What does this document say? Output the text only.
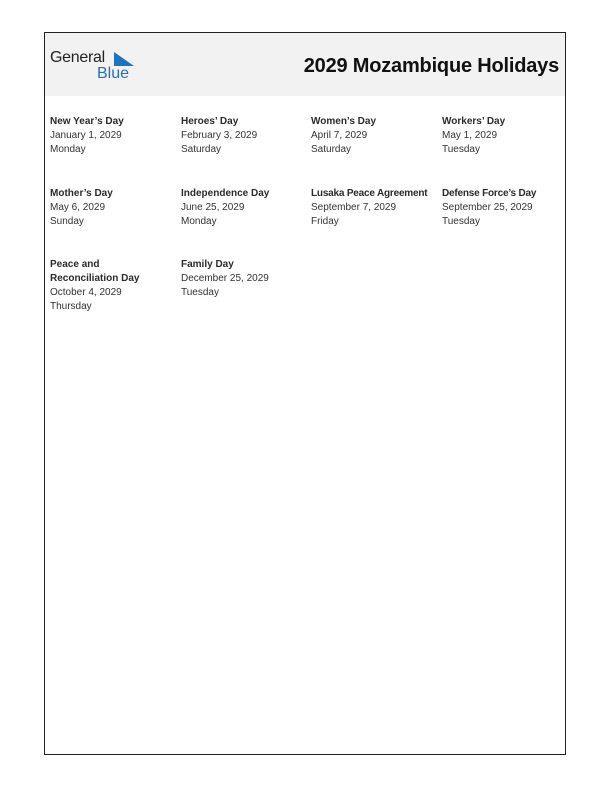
General
Blue	2029 Mozambique Holidays
New Year’s Day
January 1, 2029
Monday
Heroes’ Day
February 3, 2029
Saturday
Women’s Day
April 7, 2029
Saturday
Workers’ Day
May 1, 2029
Tuesday
Mother’s Day
May 6, 2029
Sunday
Independence Day
June 25, 2029
Monday
Lusaka Peace Agreement
September 7, 2029
Friday
Defense Force’s Day
September 25, 2029
Tuesday
Peace and Reconciliation Day
October 4, 2029
Thursday
Family Day
December 25, 2029
Tuesday
